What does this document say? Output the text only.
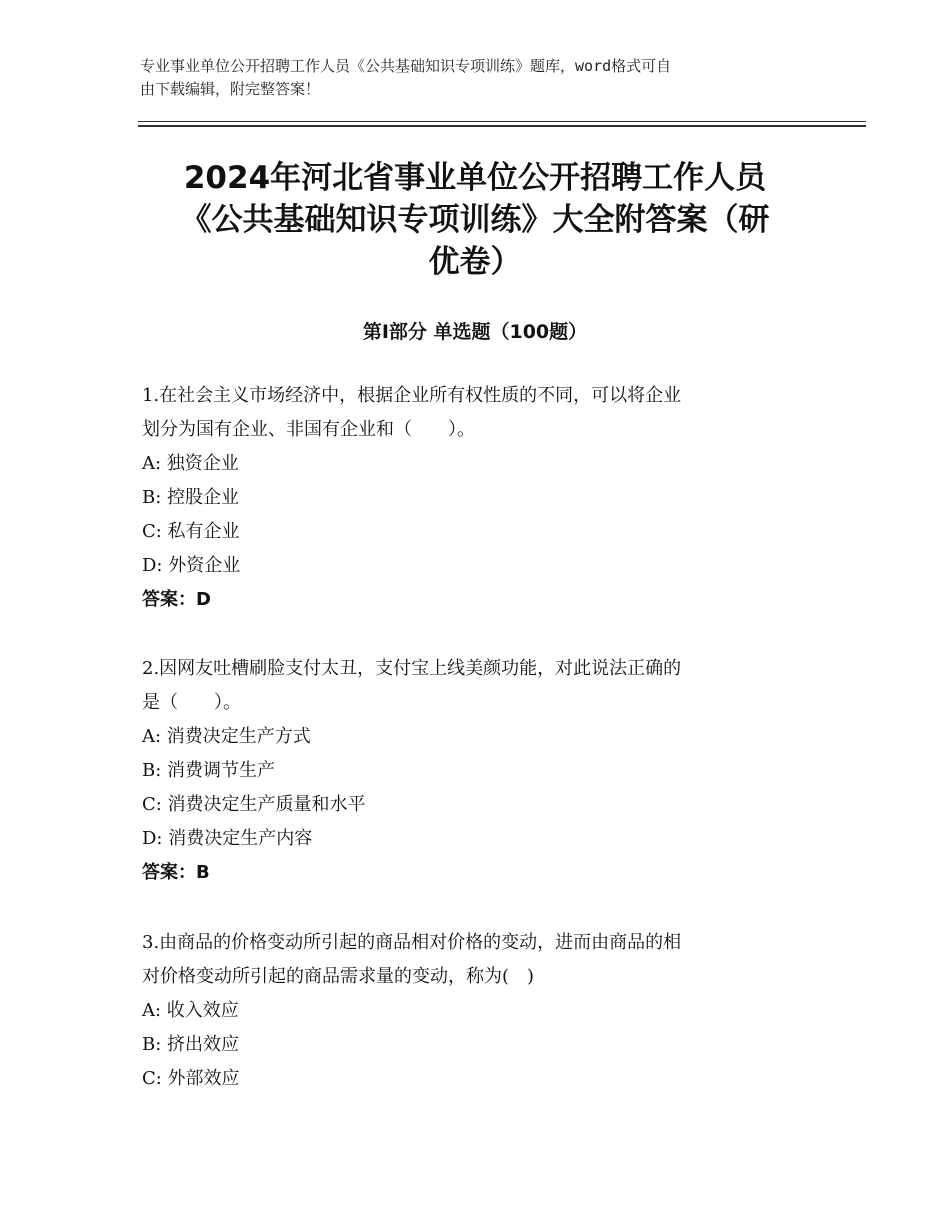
专业事业单位公开招聘工作人员《公共基础知识专项训练》题库，word格式可自
由下载编辑，附完整答案！
2024年河北省事业单位公开招聘工作人员
《公共基础知识专项训练》大全附答案（研
优卷）
第Ⅰ部分 单选题（100题）
1.在社会主义市场经济中，根据企业所有权性质的不同，可以将企业
划分为国有企业、非国有企业和（　　）。
A: 独资企业
B: 控股企业
C: 私有企业
D: 外资企业
答案：D
2.因网友吐槽刷脸支付太丑，支付宝上线美颜功能，对此说法正确的
是（　　）。
A: 消费决定生产方式
B: 消费调节生产
C: 消费决定生产质量和水平
D: 消费决定生产内容
答案：B
3.由商品的价格变动所引起的商品相对价格的变动，进而由商品的相
对价格变动所引起的商品需求量的变动，称为(　)
A: 收入效应
B: 挤出效应
C: 外部效应
